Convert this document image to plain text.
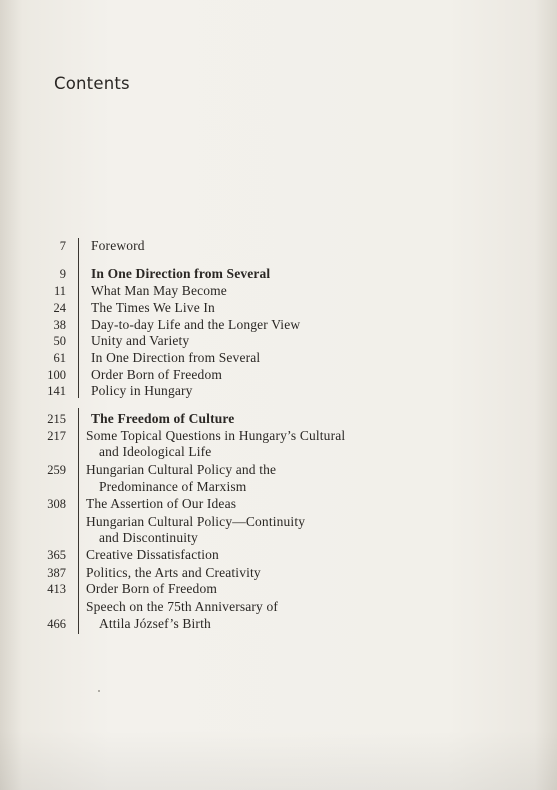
Contents
7 Foreword
9 In One Direction from Several
11 What Man May Become
24 The Times We Live In
38 Day-to-day Life and the Longer View
50 Unity and Variety
61 In One Direction from Several
100 Order Born of Freedom
141 Policy in Hungary
215 The Freedom of Culture
217 Some Topical Questions in Hungary’s Cultural
and Ideological Life
259 Hungarian Cultural Policy and the
Predominance of Marxism
308 The Assertion of Our Ideas
Hungarian Cultural Policy—Continuity
and Discontinuity
365 Creative Dissatisfaction
387 Politics, the Arts and Creativity
413 Order Born of Freedom
Speech on the 75th Anniversary of
466 Attila József’s Birth
